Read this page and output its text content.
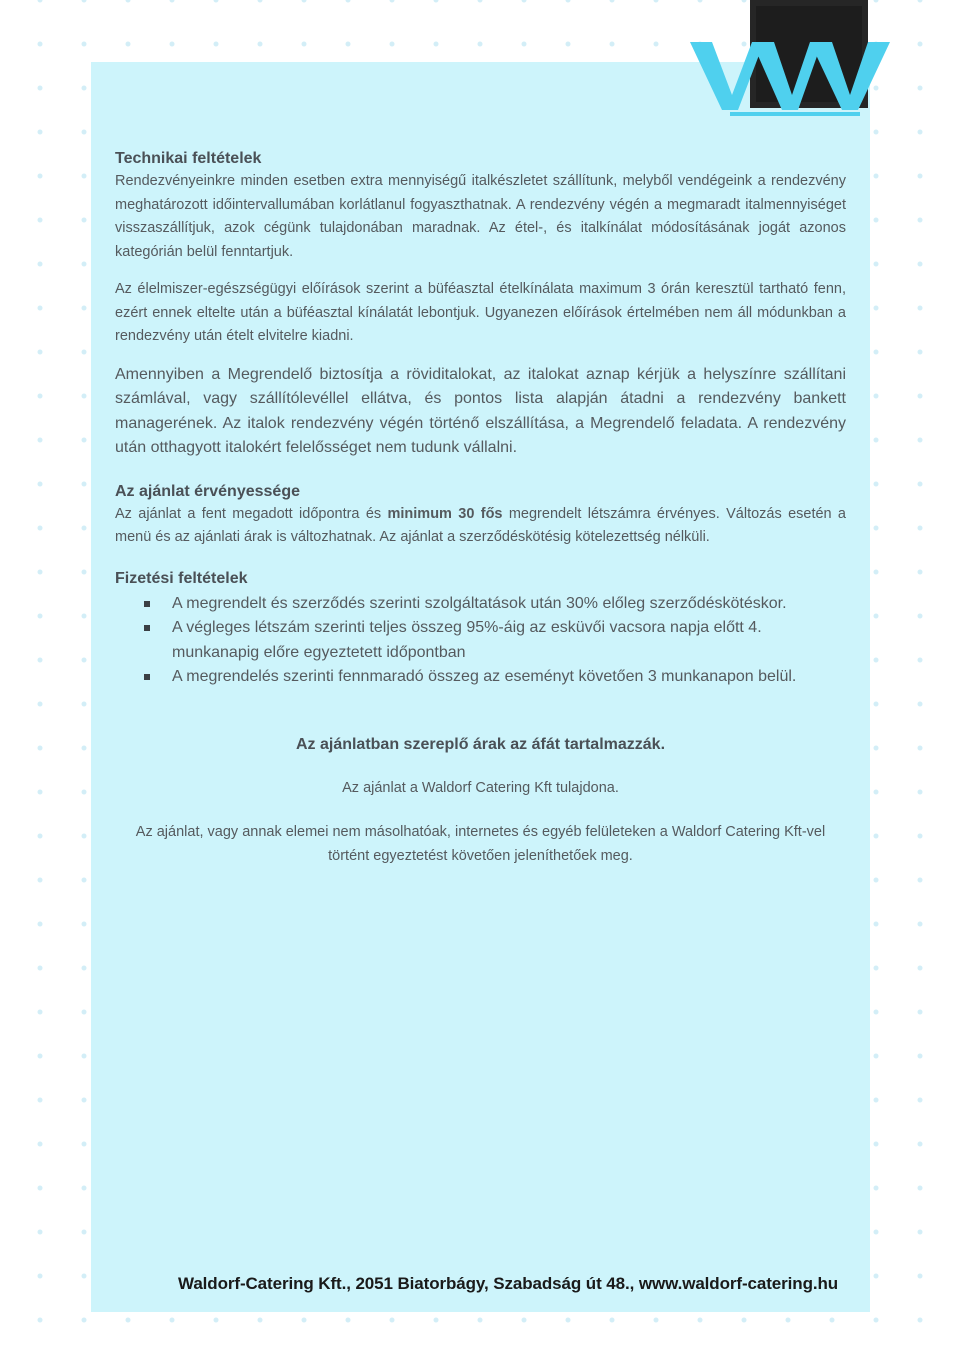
Technikai feltételek

Rendezvényeinkre minden esetben extra mennyiségű italkészletet szállítunk, melyből vendégeink a rendezvény meghatározott időintervallumában korlátlanul fogyaszthatnak. A rendezvény végén a megmaradt italmennyiséget visszaszállítjuk, azok cégünk tulajdonában maradnak. Az étel-, és italkínálat módosításának jogát azonos kategórián belül fenntartjuk.

Az élelmiszer-egészségügyi előírások szerint a büféasztal ételkínálata maximum 3 órán keresztül tartható fenn, ezért ennek eltelte után a büféasztal kínálatát lebontjuk. Ugyanezen előírások értelmében nem áll módunkban a rendezvény után ételt elvitelre kiadni.

Amennyiben a Megrendelő biztosítja a röviditalokat, az italokat aznap kérjük a helyszínre szállítani számlával, vagy szállítólevéllel ellátva, és pontos lista alapján átadni a rendezvény bankett managerének. Az italok rendezvény végén történő elszállítása, a Megrendelő feladata. A rendezvény után otthagyott italokért felelősséget nem tudunk vállalni.

Az ajánlat érvényessége

Az ajánlat a fent megadott időpontra és minimum 30 fős megrendelt létszámra érvényes. Változás esetén a menü és az ajánlati árak is változhatnak. Az ajánlat a szerződéskötésig kötelezettség nélküli.

Fizetési feltételek
A megrendelt és szerződés szerinti szolgáltatások után 30% előleg szerződéskötéskor.
A végleges létszám szerinti teljes összeg 95%-áig az esküvői vacsora napja előtt 4. munkanapig előre egyeztetett időpontban
A megrendelés szerinti fennmaradó összeg az eseményt követően 3 munkanapon belül.
Az ajánlatban szereplő árak az áfát tartalmazzák.
Az ajánlat a Waldorf Catering Kft tulajdona.
Az ajánlat, vagy annak elemei nem másolhatóak, internetes és egyéb felületeken a Waldorf Catering Kft-vel történt egyeztetést követően jeleníthetőek meg.
Waldorf-Catering Kft., 2051 Biatorbágy, Szabadság út 48., www.waldorf-catering.hu
